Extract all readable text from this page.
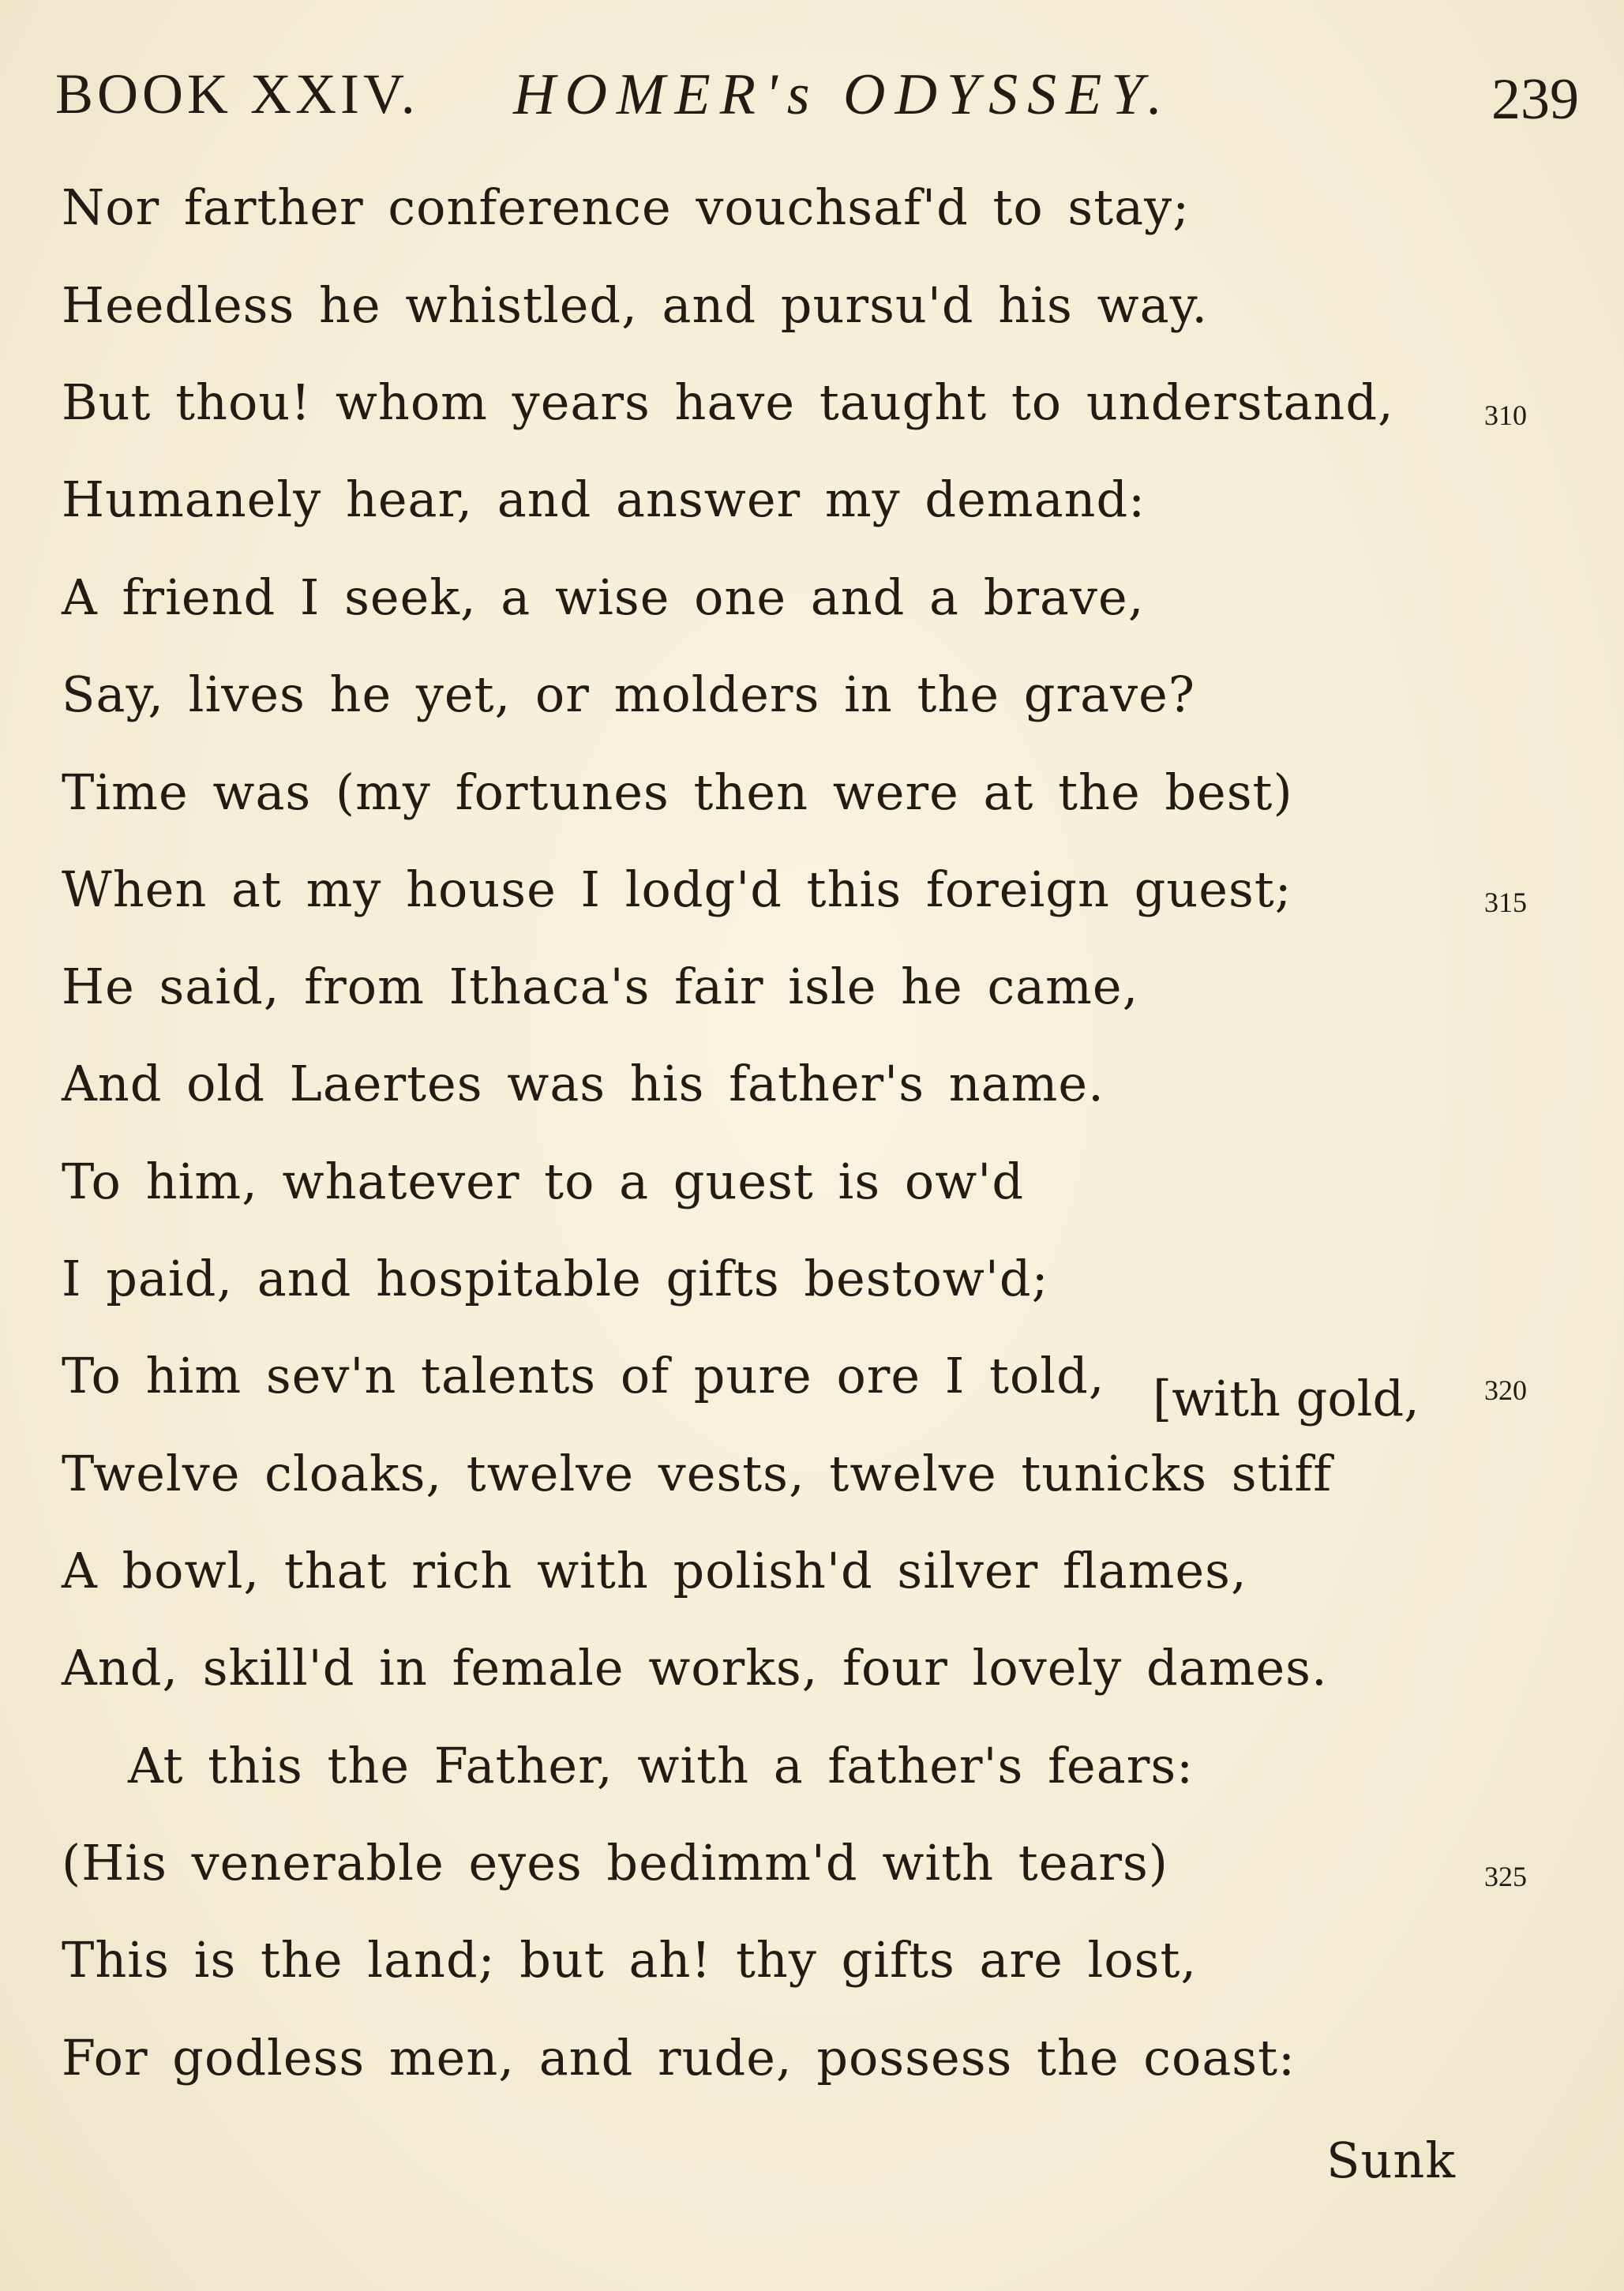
BOOK XXIV. HOMER's ODYSSEY.	239
Nor farther conference vouchsaf'd to stay;
Heedless he whistled, and pursu'd his way.
But thou! whom years have taught to understand,
Humanely hear, and answer my demand:
A friend I seek, a wise one and a brave,
Say, lives he yet, or molders in the grave?
Time was (my fortunes then were at the best)
When at my house I lodg'd this foreign guest;
He said, from Ithaca's fair isle he came,
And old Laertes was his father's name.
To him, whatever to a guest is ow'd
I paid, and hospitable gifts bestow'd;
To him sev'n talents of pure ore I told,
Twelve cloaks, twelve vests, twelve tunicks stiff
A bowl, that rich with polish'd silver flames,
And, skill'd in female works, four lovely dames.
At this the Father, with a father's fears:
(His venerable eyes bedimm'd with tears)
This is the land; but ah! thy gifts are lost,
For godless men, and rude, possess the coast:
[with gold,
310
315
320
325
Sunk
